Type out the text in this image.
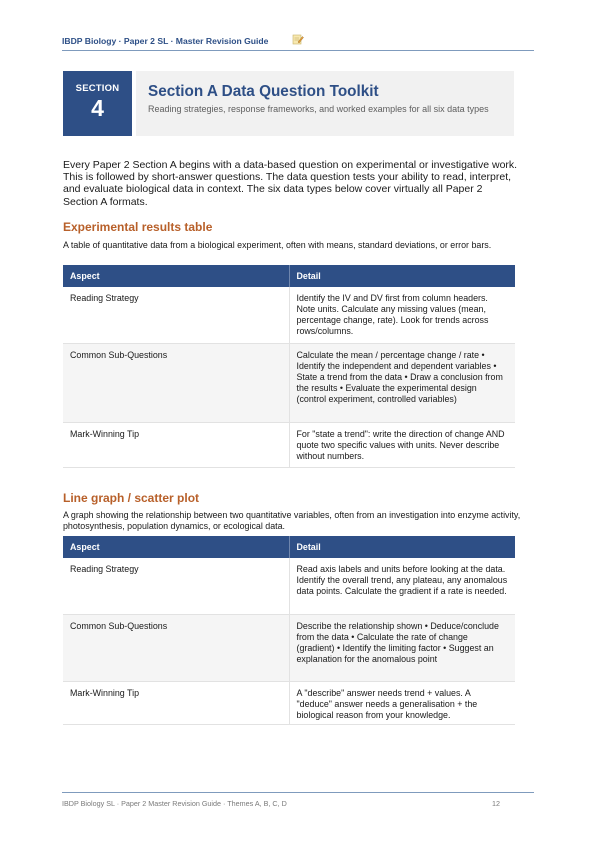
IBDP Biology · Paper 2 SL · Master Revision Guide
SECTION
4
Section A Data Question Toolkit
Reading strategies, response frameworks, and worked examples for all six data types

Every Paper 2 Section A begins with a data-based question on experimental or investigative work. This is followed by short-answer questions. The data question tests your ability to read, interpret, and evaluate biological data in context. The six data types below cover virtually all Paper 2 Section A formats.

Experimental results table
A table of quantitative data from a biological experiment, often with means, standard deviations, or error bars.
Aspect	Detail
Reading Strategy	Identify the IV and DV first from column headers. Note units. Calculate any missing values (mean, percentage change, rate). Look for trends across rows/columns.
Common Sub-Questions	Calculate the mean / percentage change / rate • Identify the independent and dependent variables • State a trend from the data • Draw a conclusion from the results • Evaluate the experimental design (control experiment, controlled variables)
Mark-Winning Tip	For "state a trend": write the direction of change AND quote two specific values with units. Never describe without numbers.
Line graph / scatter plot
A graph showing the relationship between two quantitative variables, often from an investigation into enzyme activity, photosynthesis, population dynamics, or ecological data.
Aspect	Detail
Reading Strategy	Read axis labels and units before looking at the data. Identify the overall trend, any plateau, any anomalous data points. Calculate the gradient if a rate is needed.
Common Sub-Questions	Describe the relationship shown • Deduce/conclude from the data • Calculate the rate of change (gradient) • Identify the limiting factor • Suggest an explanation for the anomalous point
Mark-Winning Tip	A "describe" answer needs trend + values. A "deduce" answer needs a generalisation + the biological reason from your knowledge.
IBDP Biology SL · Paper 2 Master Revision Guide · Themes A, B, C, D	12
